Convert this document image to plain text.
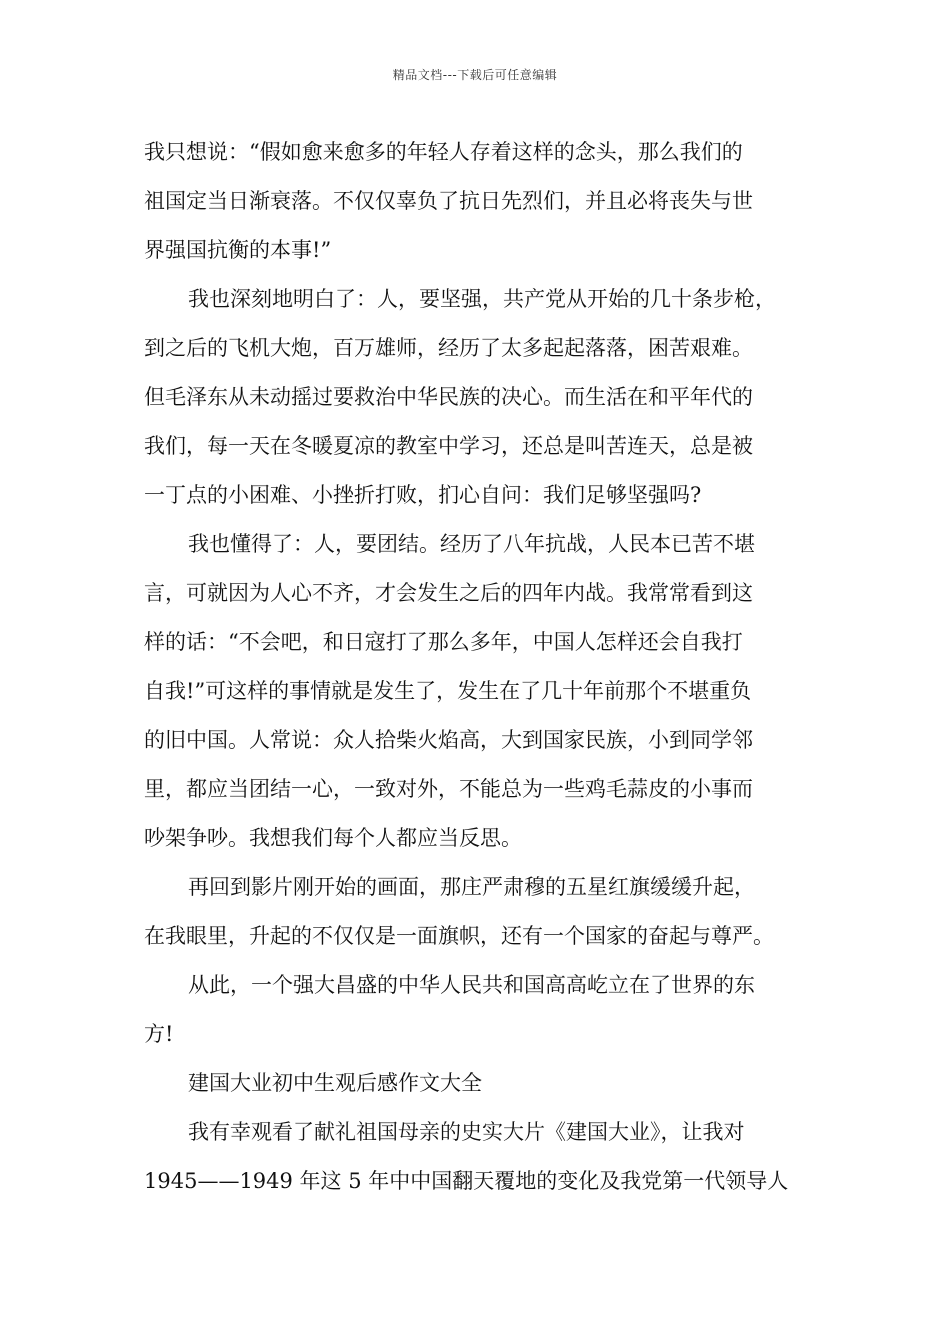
精品文档---下载后可任意编辑
我只想说：“假如愈来愈多的年轻人存着这样的念头，那么我们的
祖国定当日渐衰落。不仅仅辜负了抗日先烈们，并且必将丧失与世
界强国抗衡的本事!”
我也深刻地明白了：人，要坚强，共产党从开始的几十条步枪，
到之后的飞机大炮，百万雄师，经历了太多起起落落，困苦艰难。
但毛泽东从未动摇过要救治中华民族的决心。而生活在和平年代的
我们，每一天在冬暖夏凉的教室中学习，还总是叫苦连天，总是被
一丁点的小困难、小挫折打败，扪心自问：我们足够坚强吗?
我也懂得了：人，要团结。经历了八年抗战，人民本已苦不堪
言，可就因为人心不齐，才会发生之后的四年内战。我常常看到这
样的话：“不会吧，和日寇打了那么多年，中国人怎样还会自我打
自我!”可这样的事情就是发生了，发生在了几十年前那个不堪重负
的旧中国。人常说：众人拾柴火焰高，大到国家民族，小到同学邻
里，都应当团结一心，一致对外，不能总为一些鸡毛蒜皮的小事而
吵架争吵。我想我们每个人都应当反思。
再回到影片刚开始的画面，那庄严肃穆的五星红旗缓缓升起，
在我眼里，升起的不仅仅是一面旗帜，还有一个国家的奋起与尊严。
从此，一个强大昌盛的中华人民共和国高高屹立在了世界的东
方!
建国大业初中生观后感作文大全
我有幸观看了献礼祖国母亲的史实大片《建国大业》，让我对
1945——1949 年这 5 年中中国翻天覆地的变化及我党第一代领导人
